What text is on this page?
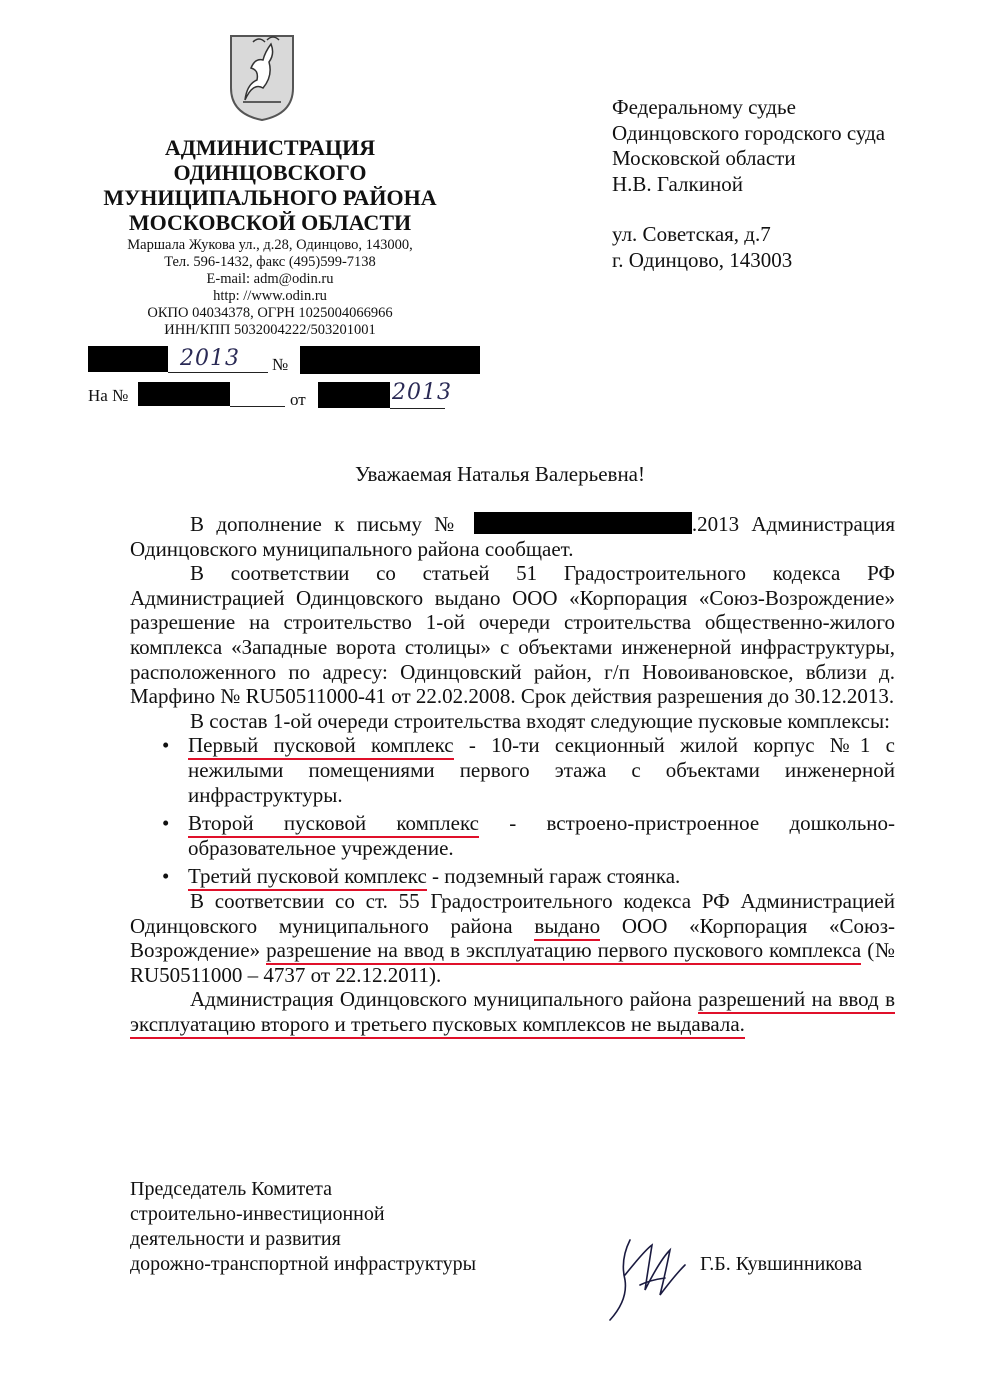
АДМИНИСТРАЦИЯ
ОДИНЦОВСКОГО
МУНИЦИПАЛЬНОГО РАЙОНА
МОСКОВСКОЙ ОБЛАСТИ
Маршала Жукова ул., д.28, Одинцово, 143000,
Тел. 596-1432, факс (495)599-7138
E-mail: adm@odin.ru
http: //www.odin.ru
ОКПО 04034378, ОГРН 1025004066966
ИНН/КПП 5032004222/503201001
2013 №
На №	от	2013
Федеральному судье
Одинцовского городского суда
Московской области
Н.В. Галкиной
ул. Советская, д.7
г. Одинцово, 143003
Уважаемая Наталья Валерьевна!

В дополнение к письму №	.2013 Администрация Одинцовского муниципального района сообщает.

В соответствии со статьей 51 Градостроительного кодекса РФ Администрацией Одинцовского выдано ООО «Корпорация «Союз-Возрождение» разрешение на строительство 1-ой очереди строительства общественно-жилого комплекса «Западные ворота столицы» с объектами инженерной инфраструктуры, расположенного по адресу: Одинцовский район, г/п Новоивановское, вблизи д. Марфино № RU50511000-41 от 22.02.2008. Срок действия разрешения до 30.12.2013.

В состав 1-ой очереди строительства входят следующие пусковые комплексы:

• Первый пусковой комплекс - 10-ти секционный жилой корпус №1 с нежилыми помещениями первого этажа с объектами инженерной инфраструктуры.
• Второй пусковой комплекс - встроено-пристроенное дошкольно-образовательное учреждение.
• Третий пусковой комплекс - подземный гараж стоянка.

В соответсвии со ст. 55 Градостроительного кодекса РФ Администрацией Одинцовского муниципального района выдано ООО «Корпорация «Союз-Возрождение» разрешение на ввод в эксплуатацию первого пускового комплекса (№ RU50511000 – 4737 от 22.12.2011).

Администрация Одинцовского муниципального района разрешений на ввод в эксплуатацию второго и третьего пусковых комплексов не выдавала.

Председатель Комитета
строительно-инвестиционной
деятельности и развития
дорожно-транспортной инфраструктуры	Г.Б. Кувшинникова
